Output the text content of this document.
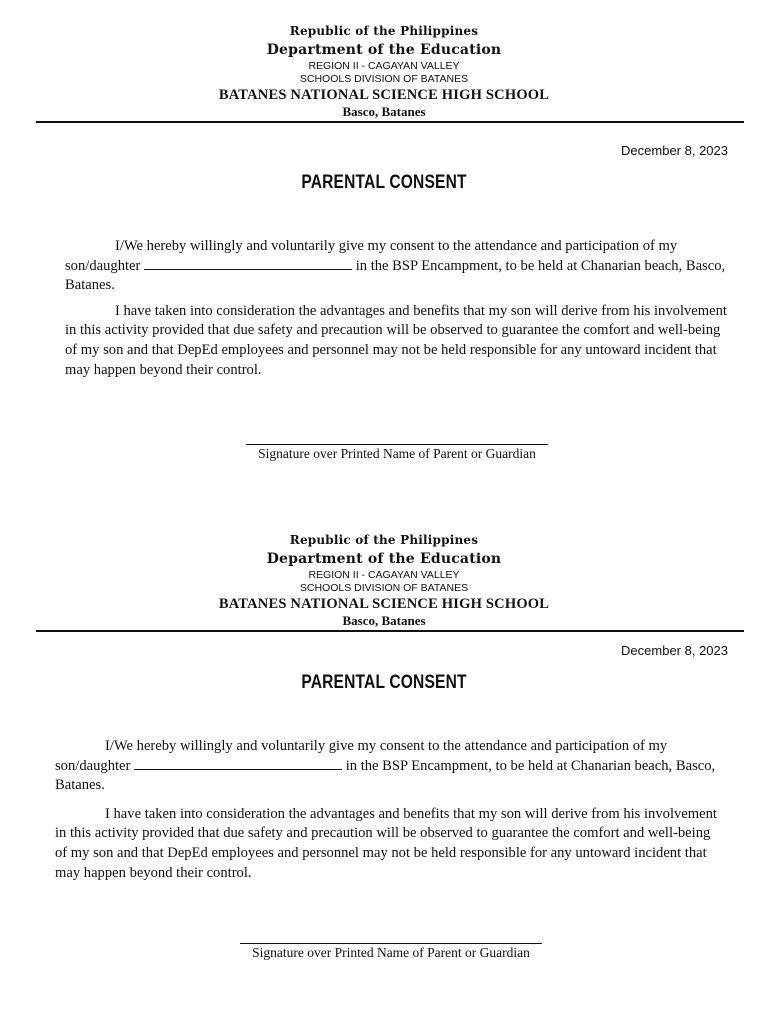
Republic of the Philippines
Department of the Education
REGION II - CAGAYAN VALLEY
SCHOOLS DIVISION OF BATANES
BATANES NATIONAL SCIENCE HIGH SCHOOL
Basco, Batanes
December 8, 2023
PARENTAL CONSENT

I/We hereby willingly and voluntarily give my consent to the attendance and participation of my son/daughter	in the BSP Encampment, to be held at Chanarian beach, Basco, Batanes.

I have taken into consideration the advantages and benefits that my son will derive from his involvement in this activity provided that due safety and precaution will be observed to guarantee the comfort and well-being of my son and that DepEd employees and personnel may not be held responsible for any untoward incident that may happen beyond their control.

Signature over Printed Name of Parent or Guardian
Republic of the Philippines
Department of the Education
REGION II - CAGAYAN VALLEY
SCHOOLS DIVISION OF BATANES
BATANES NATIONAL SCIENCE HIGH SCHOOL
Basco, Batanes
December 8, 2023
PARENTAL CONSENT

I/We hereby willingly and voluntarily give my consent to the attendance and participation of my son/daughter	in the BSP Encampment, to be held at Chanarian beach, Basco, Batanes.

I have taken into consideration the advantages and benefits that my son will derive from his involvement in this activity provided that due safety and precaution will be observed to guarantee the comfort and well-being of my son and that DepEd employees and personnel may not be held responsible for any untoward incident that may happen beyond their control.

Signature over Printed Name of Parent or Guardian
